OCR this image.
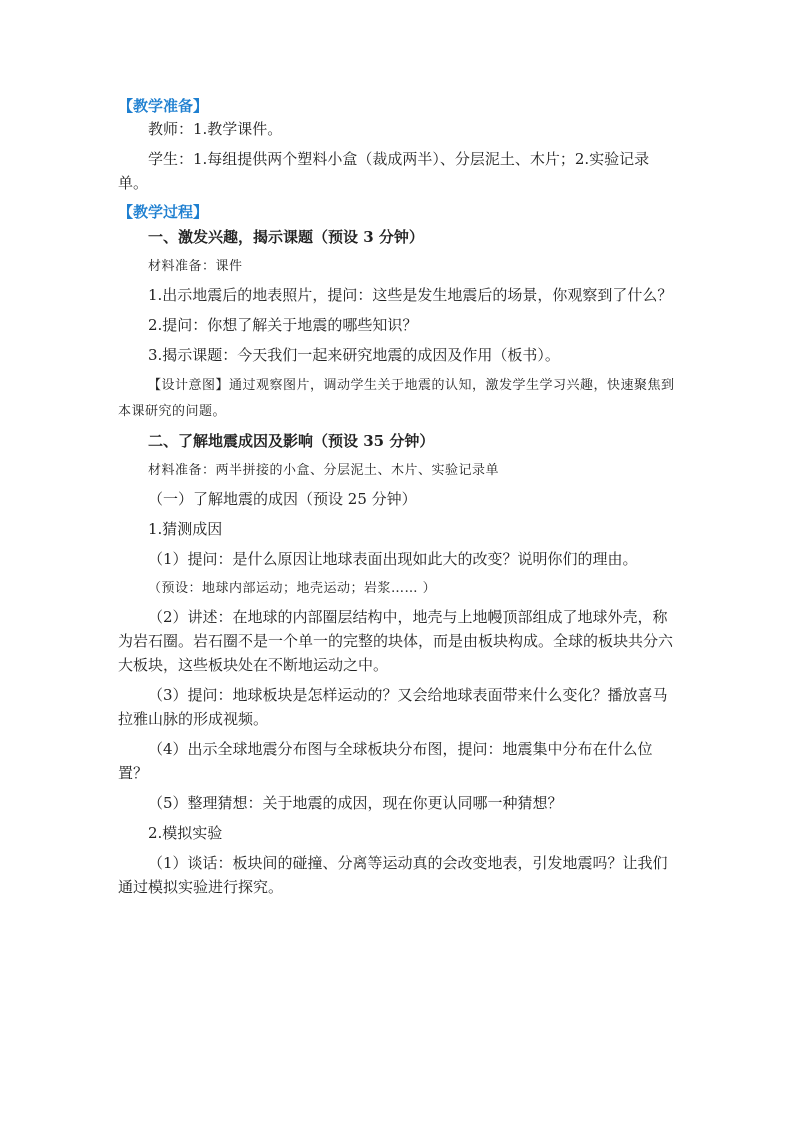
【教学准备】
教师：1.教学课件。
学生：1.每组提供两个塑料小盒（裁成两半）、分层泥土、木片；2.实验记录单。
【教学过程】
一、激发兴趣，揭示课题（预设 3 分钟）
材料准备：课件
1.出示地震后的地表照片，提问：这些是发生地震后的场景，你观察到了什么？
2.提问：你想了解关于地震的哪些知识？
3.揭示课题：今天我们一起来研究地震的成因及作用（板书）。
【设计意图】通过观察图片，调动学生关于地震的认知，激发学生学习兴趣，快速聚焦到本课研究的问题。
二、了解地震成因及影响（预设 35 分钟）
材料准备：两半拼接的小盒、分层泥土、木片、实验记录单
（一）了解地震的成因（预设 25 分钟）
1.猜测成因
（1）提问：是什么原因让地球表面出现如此大的改变？说明你们的理由。
（预设：地球内部运动；地壳运动；岩浆…… ）
（2）讲述：在地球的内部圈层结构中，地壳与上地幔顶部组成了地球外壳，称为岩石圈。岩石圈不是一个单一的完整的块体，而是由板块构成。全球的板块共分六大板块，这些板块处在不断地运动之中。
（3）提问：地球板块是怎样运动的？又会给地球表面带来什么变化？播放喜马拉雅山脉的形成视频。
（4）出示全球地震分布图与全球板块分布图，提问：地震集中分布在什么位置？
（5）整理猜想：关于地震的成因，现在你更认同哪一种猜想？
2.模拟实验
（1）谈话：板块间的碰撞、分离等运动真的会改变地表，引发地震吗？让我们通过模拟实验进行探究。
